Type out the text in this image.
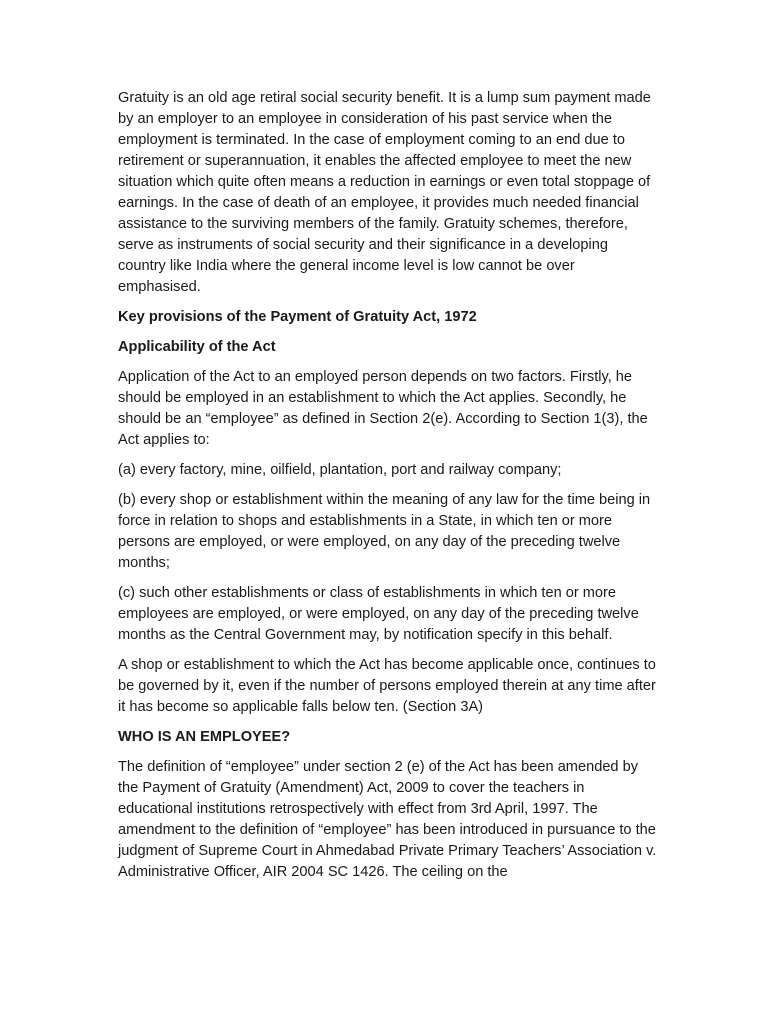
Gratuity is an old age retiral social security benefit. It is a lump sum payment made by an employer to an employee in consideration of his past service when the employment is terminated. In the case of employment coming to an end due to retirement or superannuation, it enables the affected employee to meet the new situation which quite often means a reduction in earnings or even total stoppage of earnings. In the case of death of an employee, it provides much needed financial assistance to the surviving members of the family. Gratuity schemes, therefore, serve as instruments of social security and their significance in a developing country like India where the general income level is low cannot be over emphasised.

Key provisions of the Payment of Gratuity Act, 1972

Applicability of the Act

Application of the Act to an employed person depends on two factors. Firstly, he should be employed in an establishment to which the Act applies. Secondly, he should be an “employee” as defined in Section 2(e). According to Section 1(3), the Act applies to:

(a) every factory, mine, oilfield, plantation, port and railway company;

(b) every shop or establishment within the meaning of any law for the time being in force in relation to shops and establishments in a State, in which ten or more persons are employed, or were employed, on any day of the preceding twelve months;

(c) such other establishments or class of establishments in which ten or more employees are employed, or were employed, on any day of the preceding twelve months as the Central Government may, by notification specify in this behalf.

A shop or establishment to which the Act has become applicable once, continues to be governed by it, even if the number of persons employed therein at any time after it has become so applicable falls below ten. (Section 3A)

WHO IS AN EMPLOYEE?

The definition of “employee” under section 2 (e) of the Act has been amended by the Payment of Gratuity (Amendment) Act, 2009 to cover the teachers in educational institutions retrospectively with effect from 3rd April, 1997. The amendment to the definition of “employee” has been introduced in pursuance to the judgment of Supreme Court in Ahmedabad Private Primary Teachers’ Association v. Administrative Officer, AIR 2004 SC 1426. The ceiling on the
